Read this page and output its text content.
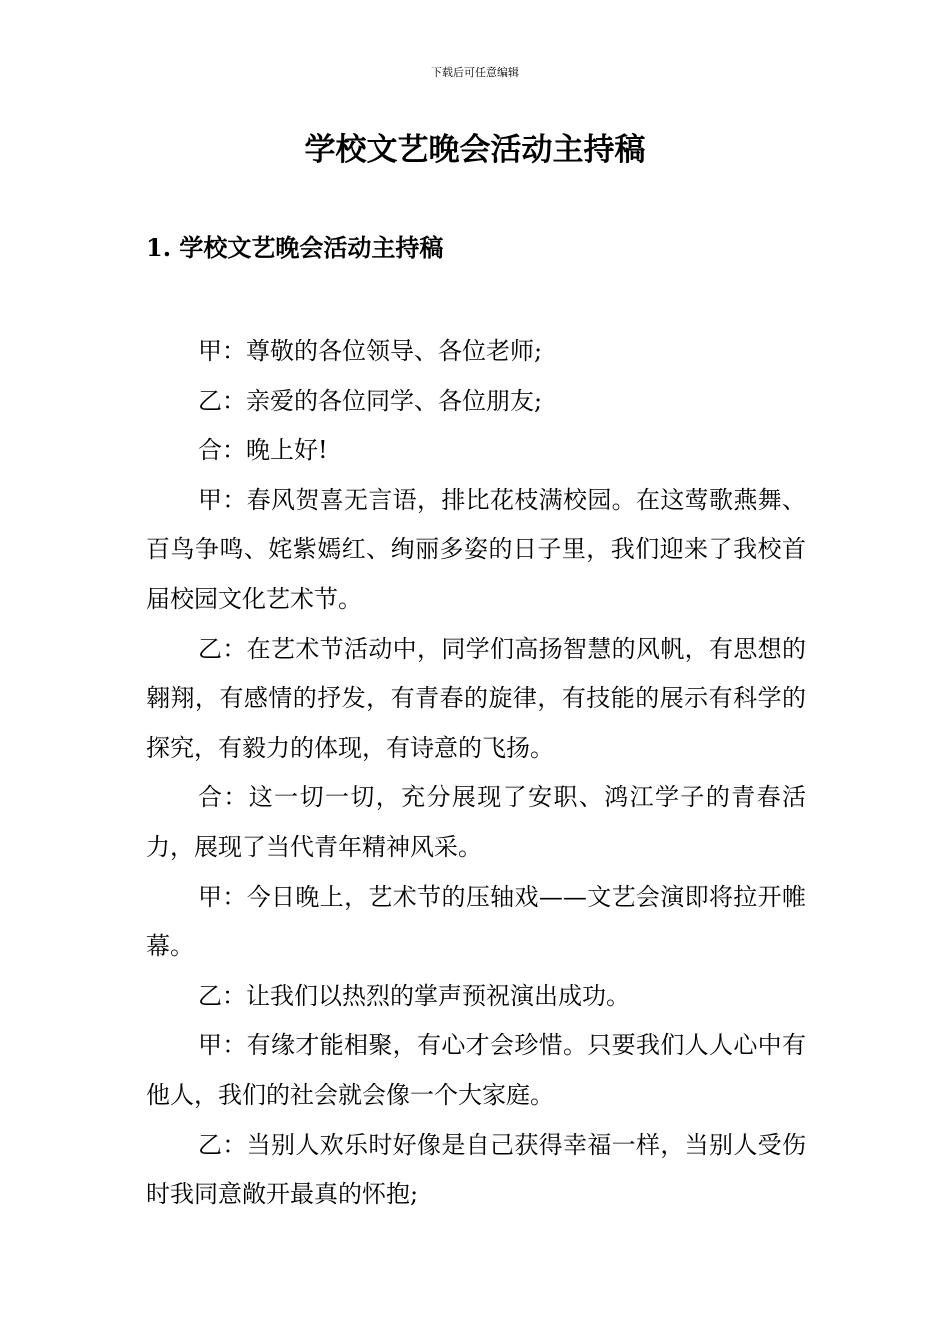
下载后可任意编辑
学校文艺晚会活动主持稿
1. 学校文艺晚会活动主持稿

甲：尊敬的各位领导、各位老师;

乙：亲爱的各位同学、各位朋友;

合：晚上好!

甲：春风贺喜无言语，排比花枝满校园。在这莺歌燕舞、百鸟争鸣、姹紫嫣红、绚丽多姿的日子里，我们迎来了我校首届校园文化艺术节。

乙：在艺术节活动中，同学们高扬智慧的风帆，有思想的翱翔，有感情的抒发，有青春的旋律，有技能的展示有科学的探究，有毅力的体现，有诗意的飞扬。

合：这一切一切，充分展现了安职、鸿江学子的青春活力，展现了当代青年精神风采。

甲：今日晚上，艺术节的压轴戏——文艺会演即将拉开帷幕。

乙：让我们以热烈的掌声预祝演出成功。

甲：有缘才能相聚，有心才会珍惜。只要我们人人心中有他人，我们的社会就会像一个大家庭。

乙：当别人欢乐时好像是自己获得幸福一样，当别人受伤时我同意敞开最真的怀抱;
